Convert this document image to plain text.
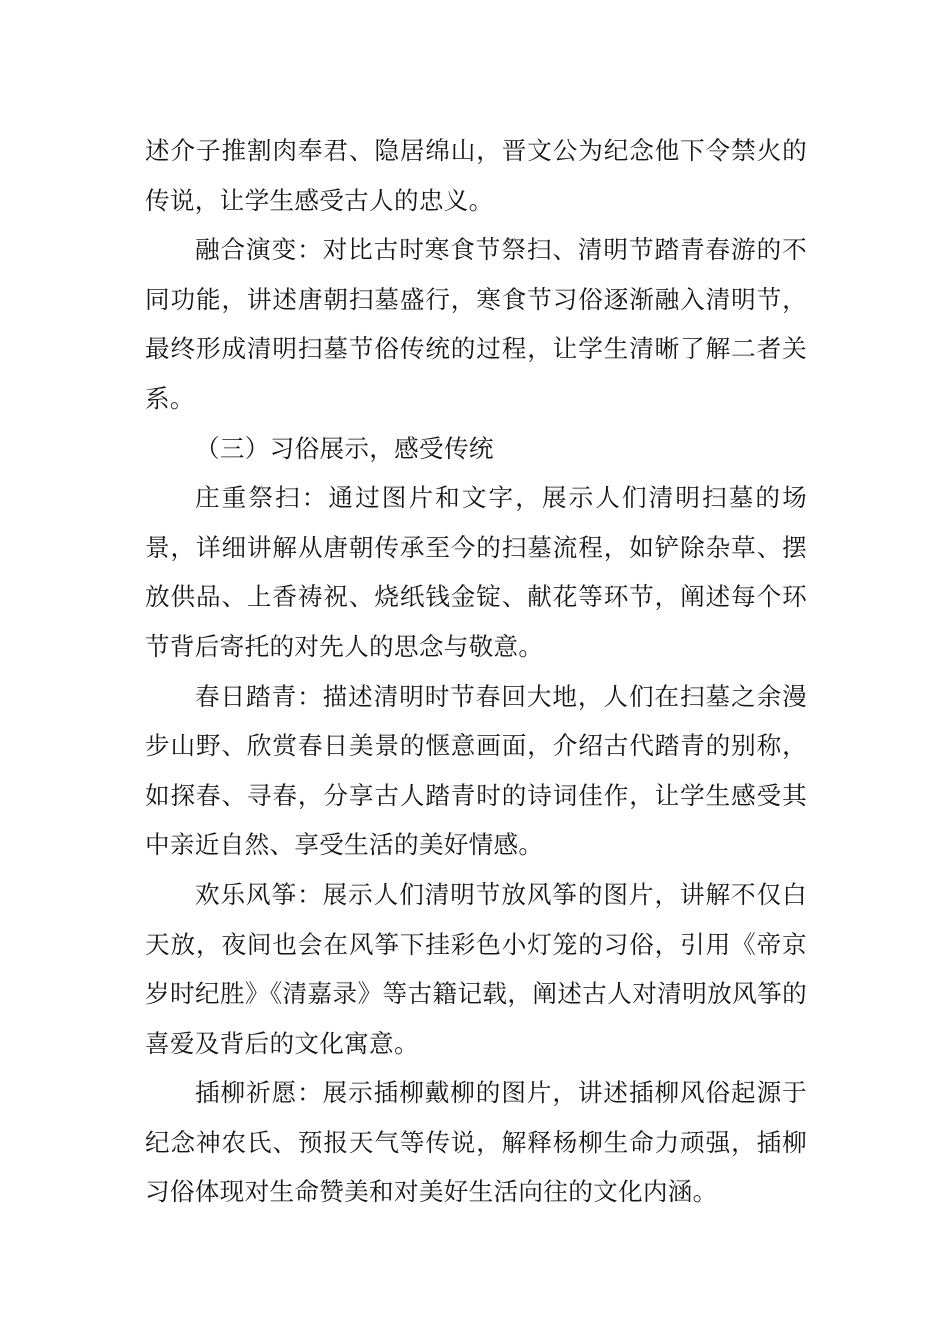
述介子推割肉奉君、隐居绵山，晋文公为纪念他下令禁火的传说，让学生感受古人的忠义。

融合演变：对比古时寒食节祭扫、清明节踏青春游的不同功能，讲述唐朝扫墓盛行，寒食节习俗逐渐融入清明节，最终形成清明扫墓节俗传统的过程，让学生清晰了解二者关系。

（三）习俗展示，感受传统

庄重祭扫：通过图片和文字，展示人们清明扫墓的场景，详细讲解从唐朝传承至今的扫墓流程，如铲除杂草、摆放供品、上香祷祝、烧纸钱金锭、献花等环节，阐述每个环节背后寄托的对先人的思念与敬意。

春日踏青：描述清明时节春回大地，人们在扫墓之余漫步山野、欣赏春日美景的惬意画面，介绍古代踏青的别称，如探春、寻春，分享古人踏青时的诗词佳作，让学生感受其中亲近自然、享受生活的美好情感。

欢乐风筝：展示人们清明节放风筝的图片，讲解不仅白天放，夜间也会在风筝下挂彩色小灯笼的习俗，引用《帝京岁时纪胜》《清嘉录》等古籍记载，阐述古人对清明放风筝的喜爱及背后的文化寓意。

插柳祈愿：展示插柳戴柳的图片，讲述插柳风俗起源于纪念神农氏、预报天气等传说，解释杨柳生命力顽强，插柳习俗体现对生命赞美和对美好生活向往的文化内涵。
